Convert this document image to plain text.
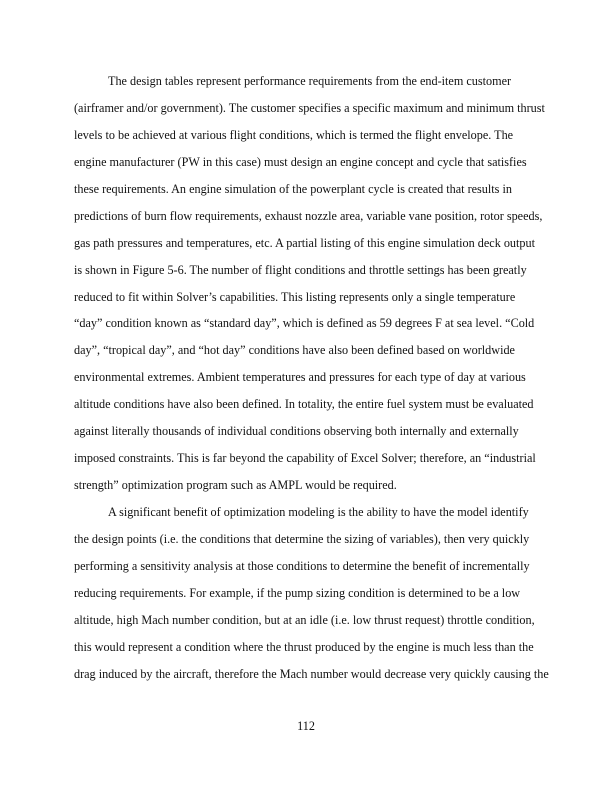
The design tables represent performance requirements from the end-item customer
(airframer and/or government). The customer specifies a specific maximum and minimum thrust
levels to be achieved at various flight conditions, which is termed the flight envelope. The
engine manufacturer (PW in this case) must design an engine concept and cycle that satisfies
these requirements. An engine simulation of the powerplant cycle is created that results in
predictions of burn flow requirements, exhaust nozzle area, variable vane position, rotor speeds,
gas path pressures and temperatures, etc. A partial listing of this engine simulation deck output
is shown in Figure 5-6. The number of flight conditions and throttle settings has been greatly
reduced to fit within Solver’s capabilities. This listing represents only a single temperature
“day” condition known as “standard day”, which is defined as 59 degrees F at sea level. “Cold
day”, “tropical day”, and “hot day” conditions have also been defined based on worldwide
environmental extremes. Ambient temperatures and pressures for each type of day at various
altitude conditions have also been defined. In totality, the entire fuel system must be evaluated
against literally thousands of individual conditions observing both internally and externally
imposed constraints. This is far beyond the capability of Excel Solver; therefore, an “industrial
strength” optimization program such as AMPL would be required.
A significant benefit of optimization modeling is the ability to have the model identify
the design points (i.e. the conditions that determine the sizing of variables), then very quickly
performing a sensitivity analysis at those conditions to determine the benefit of incrementally
reducing requirements. For example, if the pump sizing condition is determined to be a low
altitude, high Mach number condition, but at an idle (i.e. low thrust request) throttle condition,
this would represent a condition where the thrust produced by the engine is much less than the
drag induced by the aircraft, therefore the Mach number would decrease very quickly causing the
112
